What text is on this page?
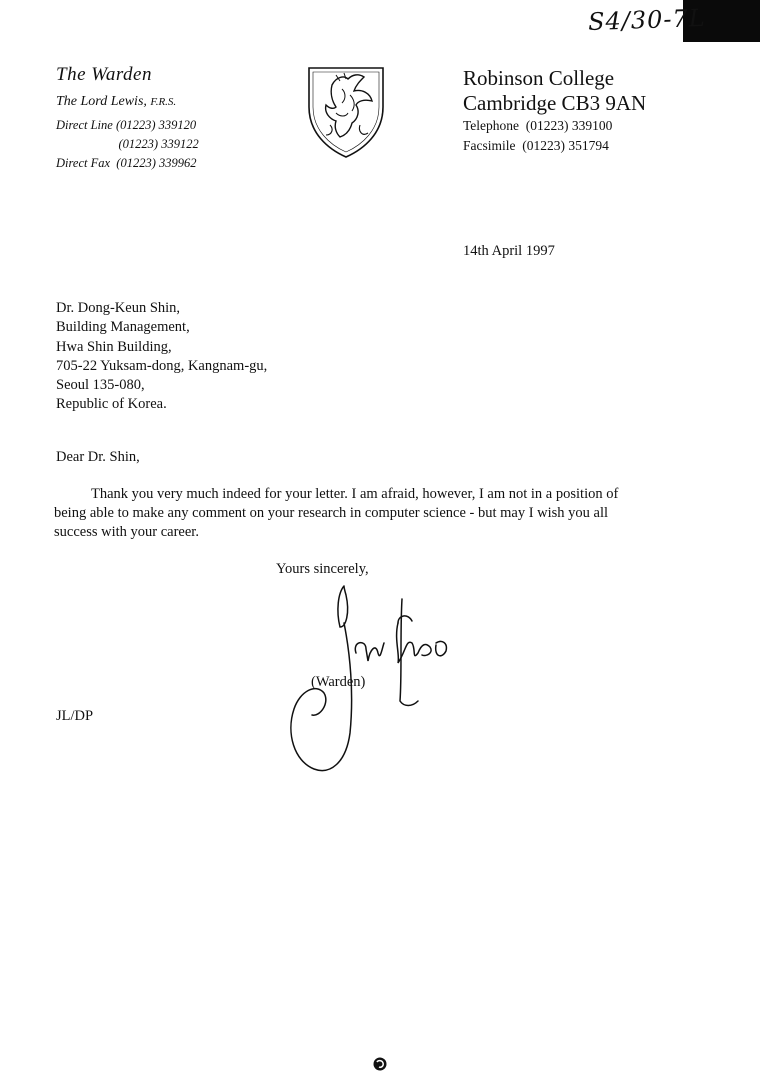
S4/30-7L
The Warden
The Lord Lewis, F.R.S.
Direct Line (01223) 339120
(01223) 339122
Direct Fax  (01223) 339962
Robinson College
Cambridge CB3 9AN
Telephone  (01223) 339100
Facsimile  (01223) 351794
14th April 1997
Dr. Dong-Keun Shin,
Building Management,
Hwa Shin Building,
705-22 Yuksam-dong, Kangnam-gu,
Seoul 135-080,
Republic of Korea.
Dear Dr. Shin,
Thank you very much indeed for your letter. I am afraid, however, I am not in a position of
being able to make any comment on your research in computer science - but may I wish you all
success with your career.
Yours sincerely,
(Warden)
JL/DP
